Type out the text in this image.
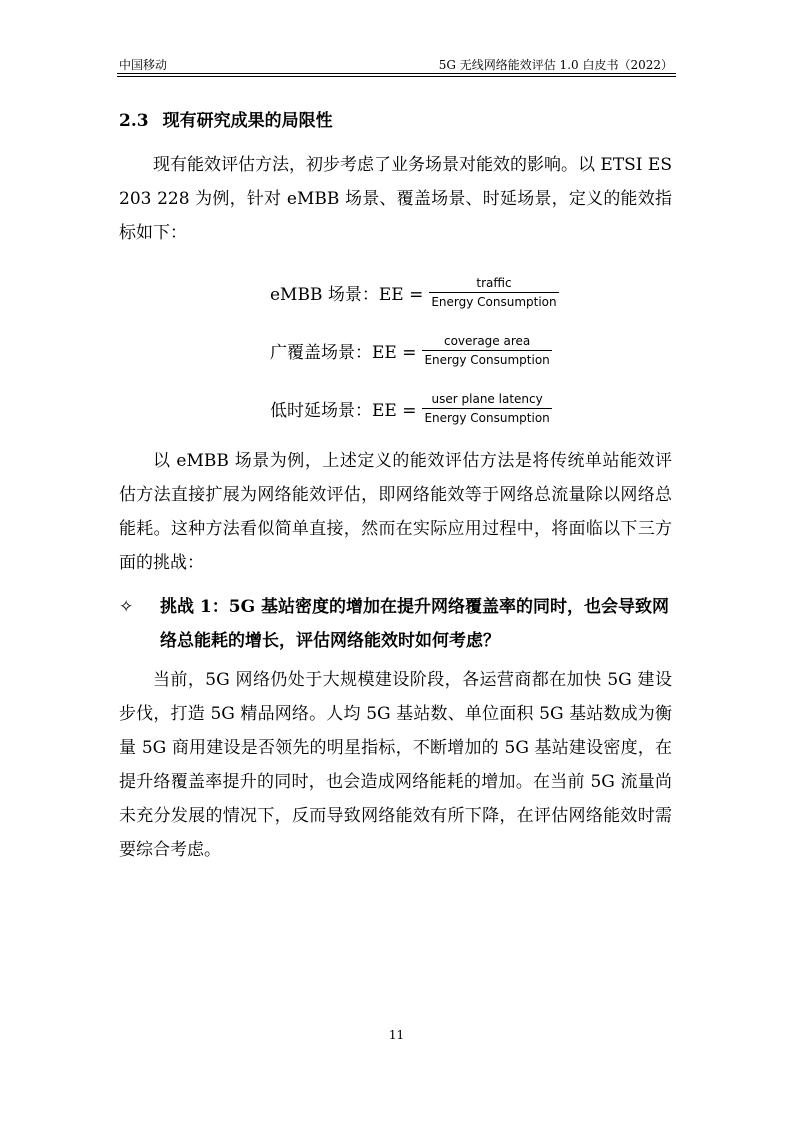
中国移动	5G 无线网络能效评估 1.0 白皮书（2022）
2.3 现有研究成果的局限性
现有能效评估方法，初步考虑了业务场景对能效的影响。以 ETSI ES 203 228 为例，针对 eMBB 场景、覆盖场景、时延场景，定义的能效指标如下：
eMBB 场景：EE = $\frac{\text{traffic}}{\text{Energy Consumption}}$
广覆盖场景：EE = $\frac{\text{coverage area}}{\text{Energy Consumption}}$
低时延场景：EE = $\frac{\text{user plane latency}}{\text{Energy Consumption}}$
以 eMBB 场景为例，上述定义的能效评估方法是将传统单站能效评估方法直接扩展为网络能效评估，即网络能效等于网络总流量除以网络总能耗。这种方法看似简单直接，然而在实际应用过程中，将面临以下三方面的挑战：
✧	挑战 1：5G 基站密度的增加在提升网络覆盖率的同时，也会导致网络总能耗的增长，评估网络能效时如何考虑？
当前，5G 网络仍处于大规模建设阶段，各运营商都在加快 5G 建设步伐，打造 5G 精品网络。人均 5G 基站数、单位面积 5G 基站数成为衡量 5G 商用建设是否领先的明星指标，不断增加的 5G 基站建设密度，在提升络覆盖率提升的同时，也会造成网络能耗的增加。在当前 5G 流量尚未充分发展的情况下，反而导致网络能效有所下降，在评估网络能效时需要综合考虑。
11
